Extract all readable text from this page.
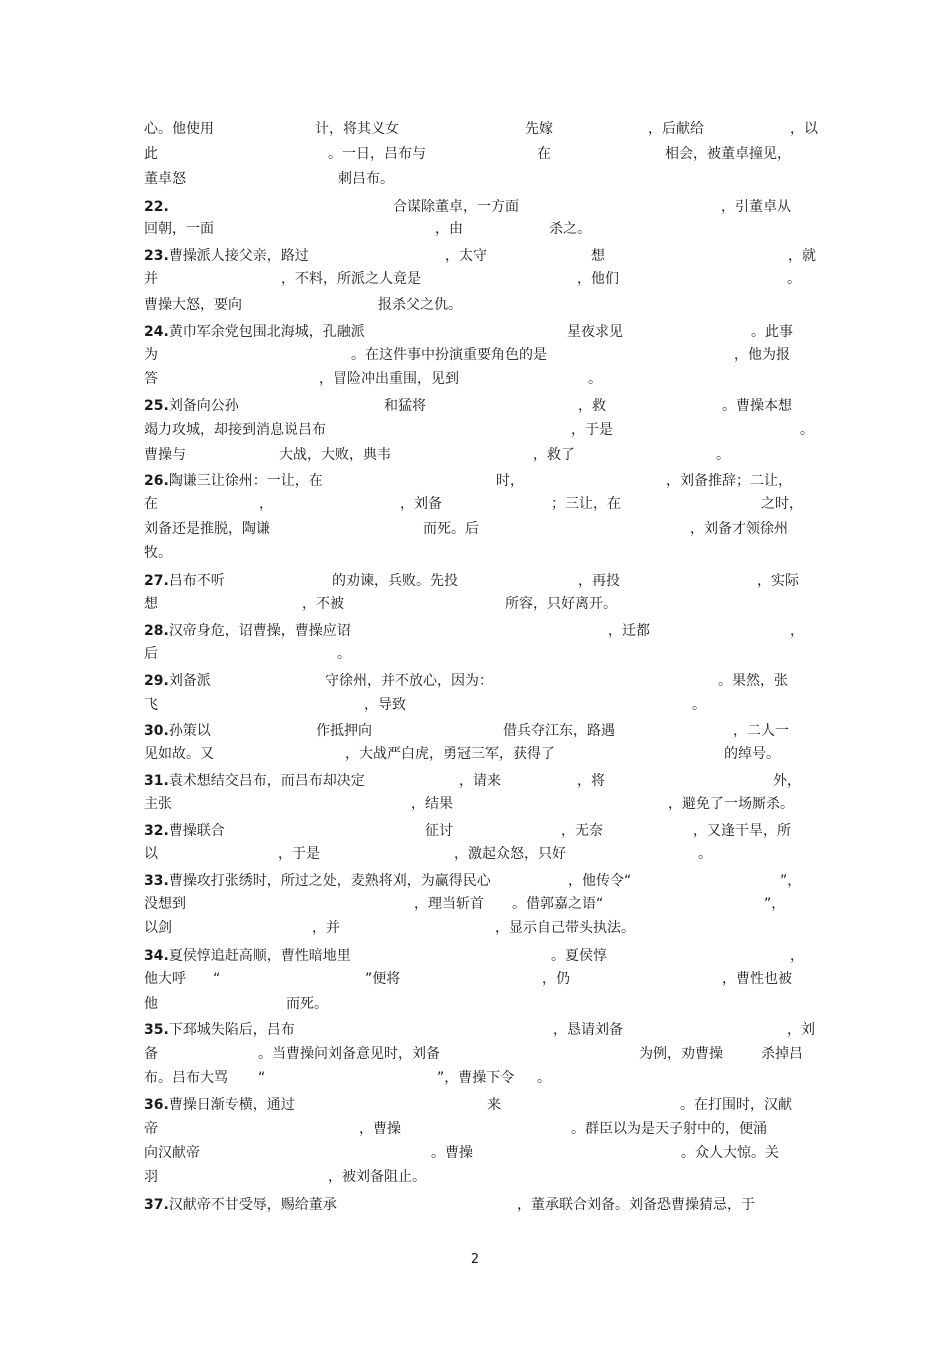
心。他使用	计，将其义女	先嫁	，后献给	，以
此	。一日，吕布与	在	相会，被董卓撞见，
董卓怒	刺吕布。
22.	合谋除董卓，一方面	，引董卓从
回朝，一面	，由	杀之。
23.曹操派人接父亲，路过	，太守	想	，就
并	，不料，所派之人竟是	，他们	。
曹操大怒，要向	报杀父之仇。
24.黄巾军余党包围北海城，孔融派	星夜求见	。此事
为	。在这件事中扮演重要角色的是	，他为报
答	，冒险冲出重围，见到	。
25.刘备向公孙	和猛将	，救	。曹操本想
竭力攻城，却接到消息说吕布	，于是	。
曹操与	大战，大败，典韦	，救了	。
26.陶谦三让徐州：一让，在	时，	，刘备推辞；二让，
在	，	，刘备	；三让，在	之时，
刘备还是推脱，陶谦	而死。后	，刘备才领徐州
牧。
27.吕布不听	的劝谏，兵败。先投	，再投	，实际
想	，不被	所容，只好离开。
28.汉帝身危，诏曹操，曹操应诏	，迁都	，
后	。
29.刘备派	守徐州，并不放心，因为：	。果然，张
飞	，导致	。
30.孙策以	作抵押向	借兵夺江东，路遇	，二人一
见如故。又	，大战严白虎，勇冠三军，获得了	的绰号。
31.袁术想结交吕布，而吕布却决定	，请来	，将	外，
主张	，结果	，避免了一场厮杀。
32.曹操联合	征讨	，无奈	，又逢干旱，所
以	，于是	，激起众怒，只好	。
33.曹操攻打张绣时，所过之处，麦熟将刈，为赢得民心	，他传令“	”，
没想到	，理当斩首 。借郭嘉之语“	”，
以剑	，并	，显示自己带头执法。
34.夏侯惇追赶高顺，曹性暗地里	。夏侯惇	，
他大呼 “	”便将	，仍	，曹性也被
他	而死。
35.下邳城失陷后，吕布	，恳请刘备	，刘
备	。当曹操问刘备意见时，刘备	为例，劝曹操	杀掉吕
布。吕布大骂 “	”，曹操下令 。
36.曹操日渐专横，通过	来	。在打围时，汉献
帝	，曹操	。群臣以为是天子射中的，便涌
向汉献帝	。曹操	。众人大惊。关
羽	，被刘备阻止。
37.汉献帝不甘受辱，赐给董承	，董承联合刘备。刘备恐曹操猜忌，于
2
